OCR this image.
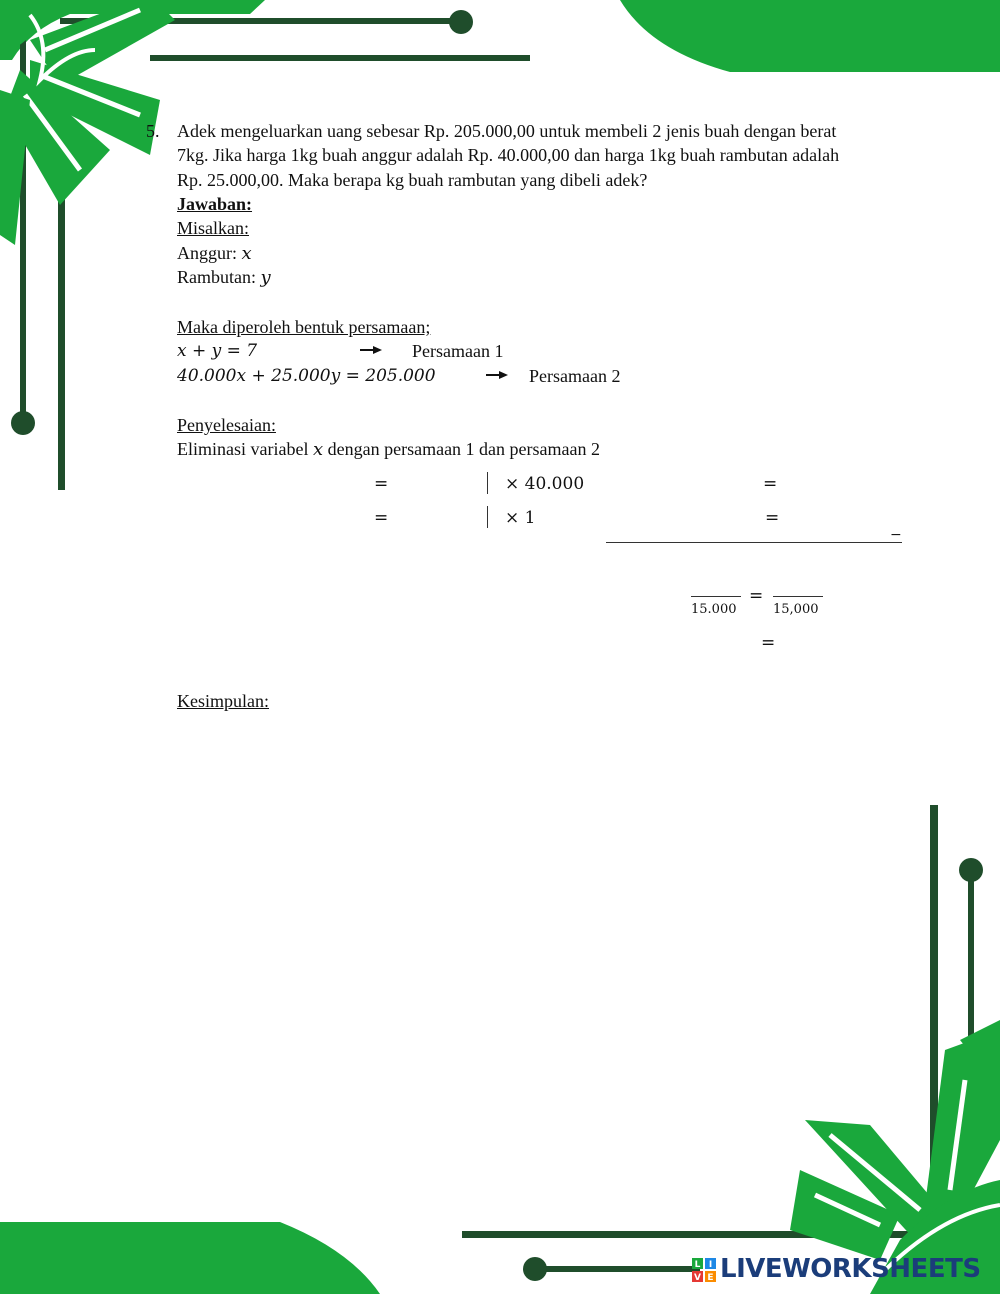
5. Adek mengeluarkan uang sebesar Rp. 205.000,00 untuk membeli 2 jenis buah dengan berat
7kg. Jika harga 1kg buah anggur adalah Rp. 40.000,00 dan harga 1kg buah rambutan adalah
Rp. 25.000,00. Maka berapa kg buah rambutan yang dibeli adek?
Jawaban:
Misalkan:
Anggur: x
Rambutan: y
Maka diperoleh bentuk persamaan;
x + y = 7	Persamaan 1
40.000x + 25.000y = 205.000	Persamaan 2
Penyelesaian:
Eliminasi variabel x dengan persamaan 1 dan persamaan 2
=	× 40.000	=
=	× 1	=
−
15.000
=
15,000
=
Kesimpulan:
L I
V E LIVEWORKSHEETS
